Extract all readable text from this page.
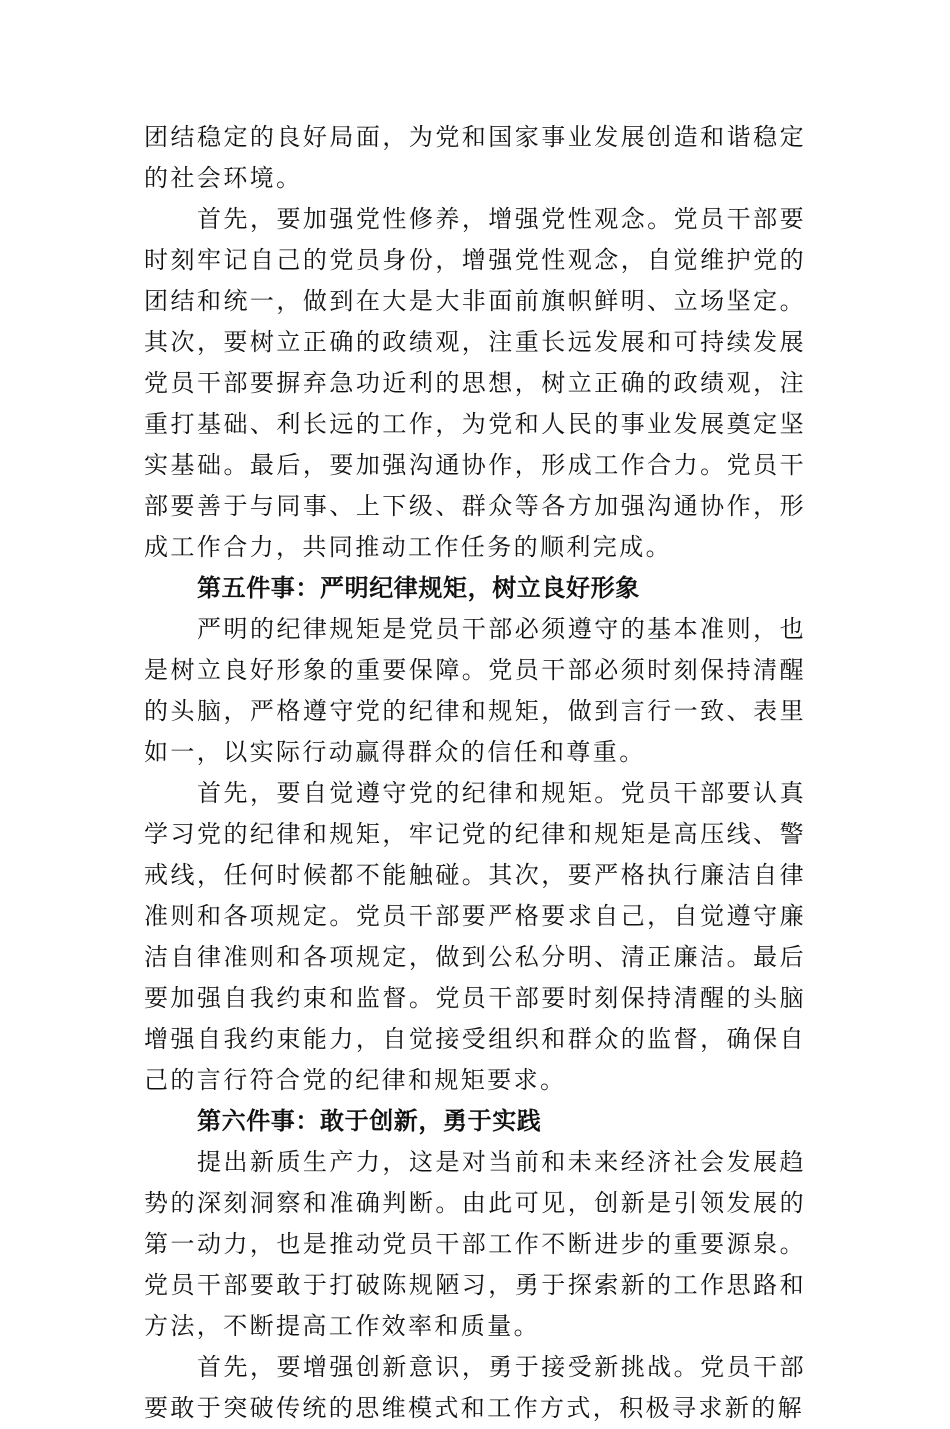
团结稳定的良好局面，为党和国家事业发展创造和谐稳定的社会环境。

首先，要加强党性修养，增强党性观念。党员干部要时刻牢记自己的党员身份，增强党性观念，自觉维护党的团结和统一，做到在大是大非面前旗帜鲜明、立场坚定。其次，要树立正确的政绩观，注重长远发展和可持续发展党员干部要摒弃急功近利的思想，树立正确的政绩观，注重打基础、利长远的工作，为党和人民的事业发展奠定坚实基础。最后，要加强沟通协作，形成工作合力。党员干部要善于与同事、上下级、群众等各方加强沟通协作，形成工作合力，共同推动工作任务的顺利完成。

第五件事：严明纪律规矩，树立良好形象

严明的纪律规矩是党员干部必须遵守的基本准则，也是树立良好形象的重要保障。党员干部必须时刻保持清醒的头脑，严格遵守党的纪律和规矩，做到言行一致、表里如一，以实际行动赢得群众的信任和尊重。

首先，要自觉遵守党的纪律和规矩。党员干部要认真学习党的纪律和规矩，牢记党的纪律和规矩是高压线、警戒线，任何时候都不能触碰。其次，要严格执行廉洁自律准则和各项规定。党员干部要严格要求自己，自觉遵守廉洁自律准则和各项规定，做到公私分明、清正廉洁。最后要加强自我约束和监督。党员干部要时刻保持清醒的头脑增强自我约束能力，自觉接受组织和群众的监督，确保自己的言行符合党的纪律和规矩要求。

第六件事：敢于创新，勇于实践

提出新质生产力，这是对当前和未来经济社会发展趋势的深刻洞察和准确判断。由此可见，创新是引领发展的第一动力，也是推动党员干部工作不断进步的重要源泉。党员干部要敢于打破陈规陋习，勇于探索新的工作思路和方法，不断提高工作效率和质量。

首先，要增强创新意识，勇于接受新挑战。党员干部要敢于突破传统的思维模式和工作方式，积极寻求新的解
